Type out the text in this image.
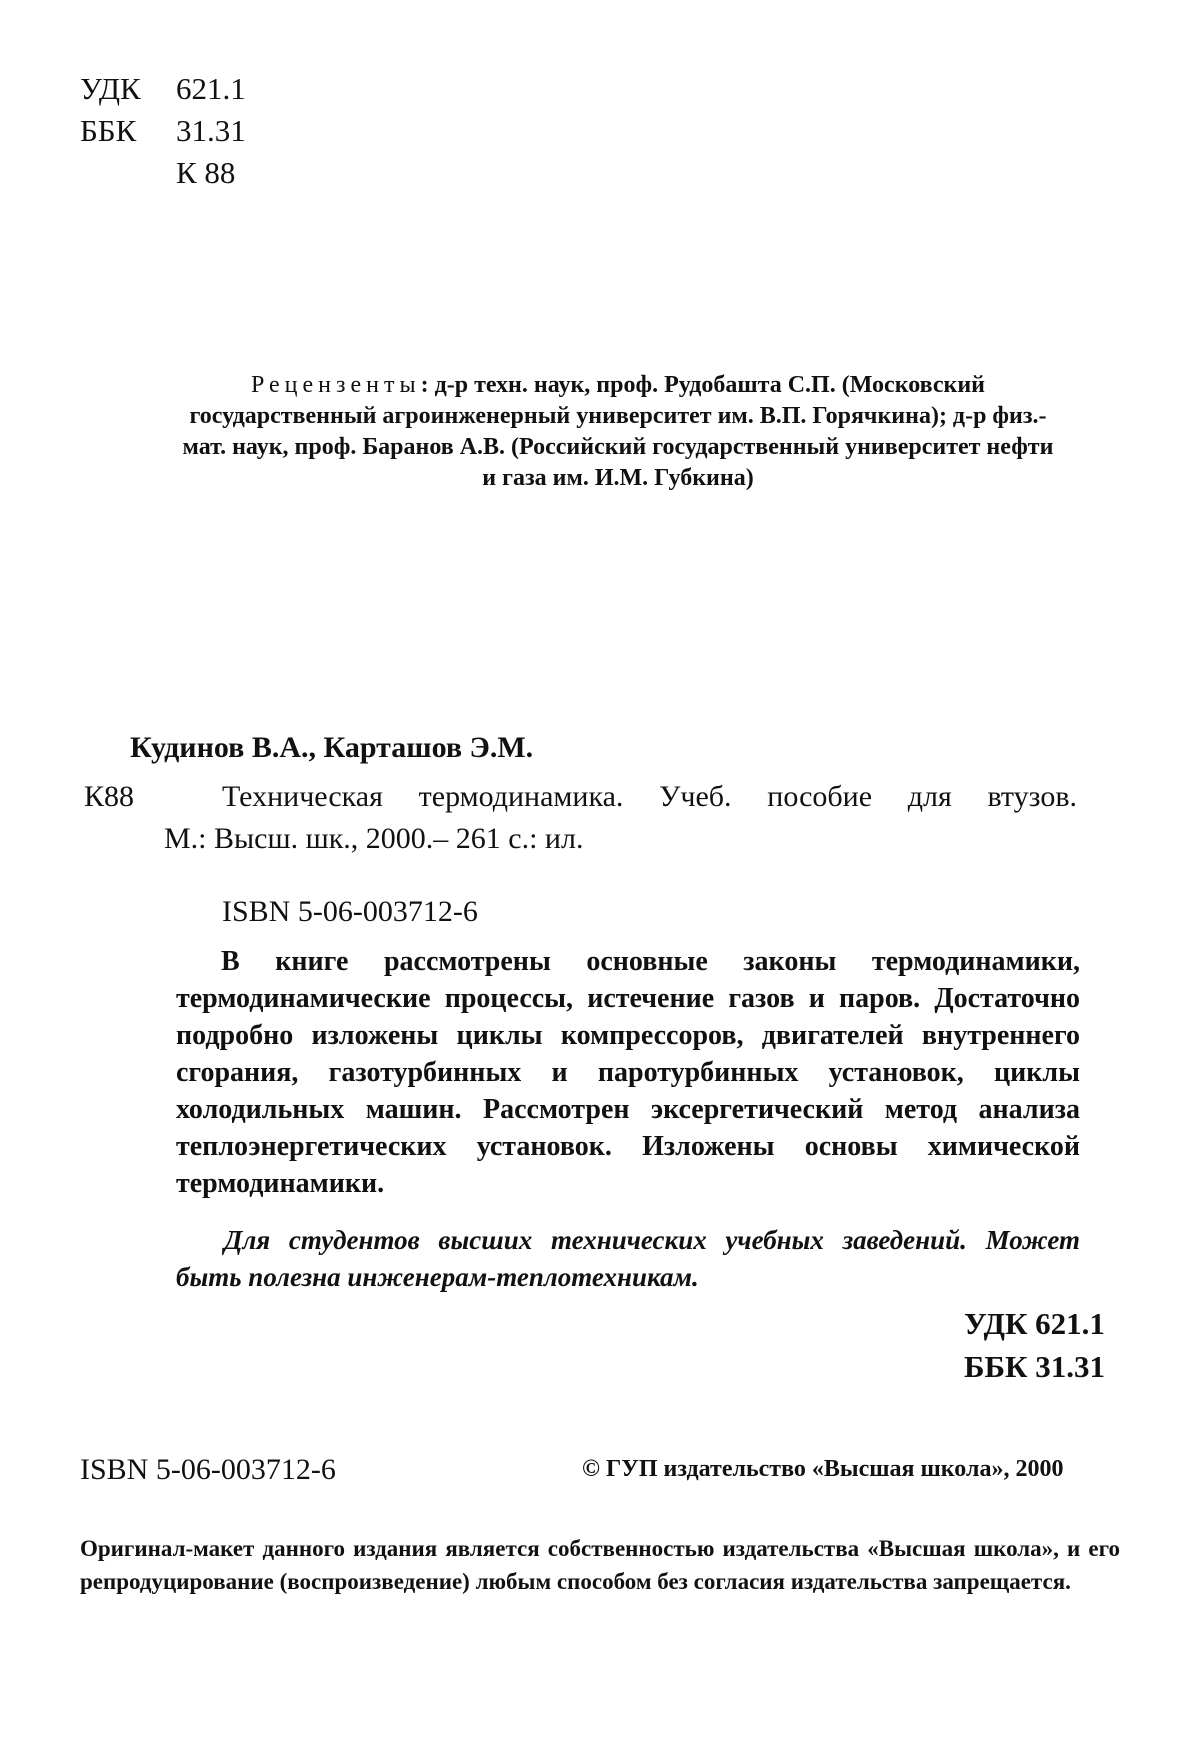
УДК	621.1
ББК	31.31
К 88
Рецензенты: д-р техн. наук, проф. Рудобашта С.П. (Московский государственный агроинженерный университет им. В.П. Горячкина); д-р физ.-мат. наук, проф. Баранов А.В. (Российский государственный университет нефти и газа им. И.М. Губкина)
Кудинов В.А., Карташов Э.М.
К88	Техническая термодинамика. Учеб. пособие для втузов.
М.: Высш. шк., 2000.– 261 с.: ил.
ISBN 5-06-003712-6

В книге рассмотрены основные законы термодинамики, термодинамические процессы, истечение газов и паров. Достаточно подробно изложены циклы компрессоров, двигателей внутреннего сгорания, газотурбинных и паротурбинных установок, циклы холодильных машин. Рассмотрен эксергетический метод анализа теплоэнергетических установок. Изложены основы химической термодинамики.

Для студентов высших технических учебных заведений. Может быть полезна инженерам-теплотехникам.

УДК 621.1
ББК 31.31
ISBN 5-06-003712-6	© ГУП издательство «Высшая школа», 2000
Оригинал-макет данного издания является собственностью издательства «Высшая школа», и его репродуцирование (воспроизведение) любым способом без согласия издательства запрещается.
